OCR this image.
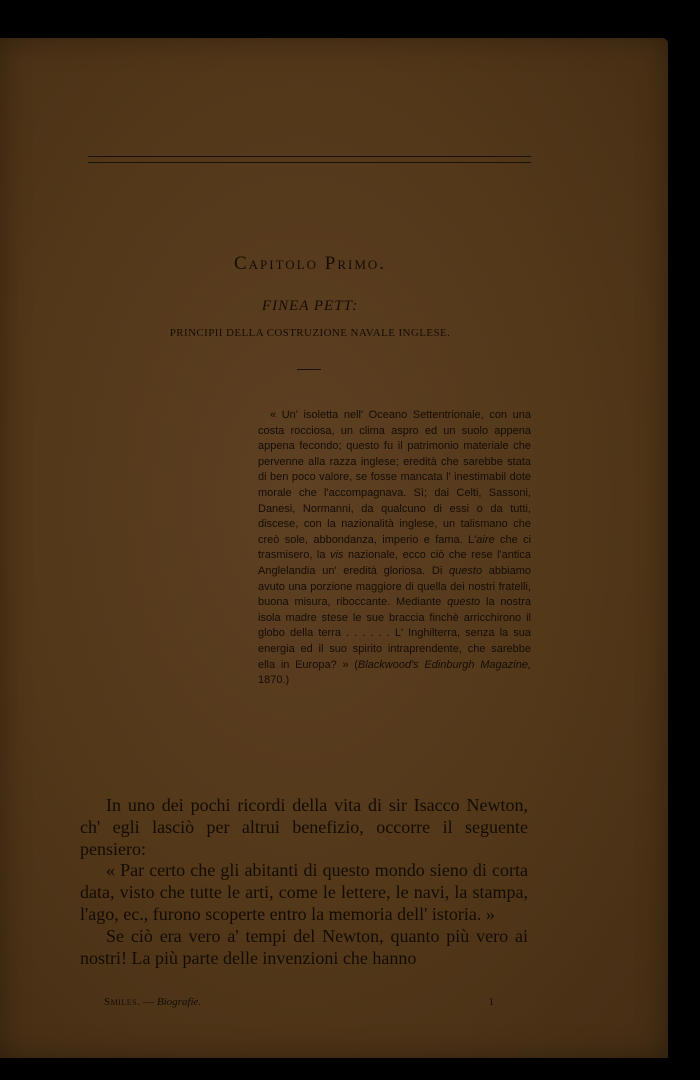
Capitolo Primo.
FINEA PETT:
PRINCIPII DELLA COSTRUZIONE NAVALE INGLESE.
« Un' isoletta nell' Oceano Settentrionale, con una costa rocciosa, un clima aspro ed un suolo appena appena fecondo; questo fu il patrimonio materiale che pervenne alla razza inglese; eredità che sarebbe stata di ben poco valore, se fosse mancata l' inestimabil dote morale che l'accompagnava. Sì; dai Celti, Sassoni, Danesi, Normanni, da qualcuno di essi o da tutti, discese, con la nazionalità inglese, un talismano che creò sole, abbondanza, imperio e fama. L'aire che ci trasmisero, la vis nazionale, ecco ciò che rese l'antica Anglelandia un' eredità gloriosa. Di questo abbiamo avuto una porzione maggiore di quella dei nostri fratelli, buona misura, riboccante. Mediante questo la nostra isola madre stese le sue braccia finchè arricchirono il globo della terra . . . . . . L' Inghilterra, senza la sua energia ed il suo spirito intraprendente, che sarebbe ella in Europa? » (Blackwood's Edinburgh Magazine, 1870.)

In uno dei pochi ricordi della vita di sir Isacco Newton, ch' egli lasciò per altrui benefizio, occorre il seguente pensiero:

« Par certo che gli abitanti di questo mondo sieno di corta data, visto che tutte le arti, come le lettere, le navi, la stampa, l'ago, ec., furono scoperte entro la memoria dell' istoria. »

Se ciò era vero a' tempi del Newton, quanto più vero ai nostri! La più parte delle invenzioni che hanno

Smiles. — Biografie.	1
